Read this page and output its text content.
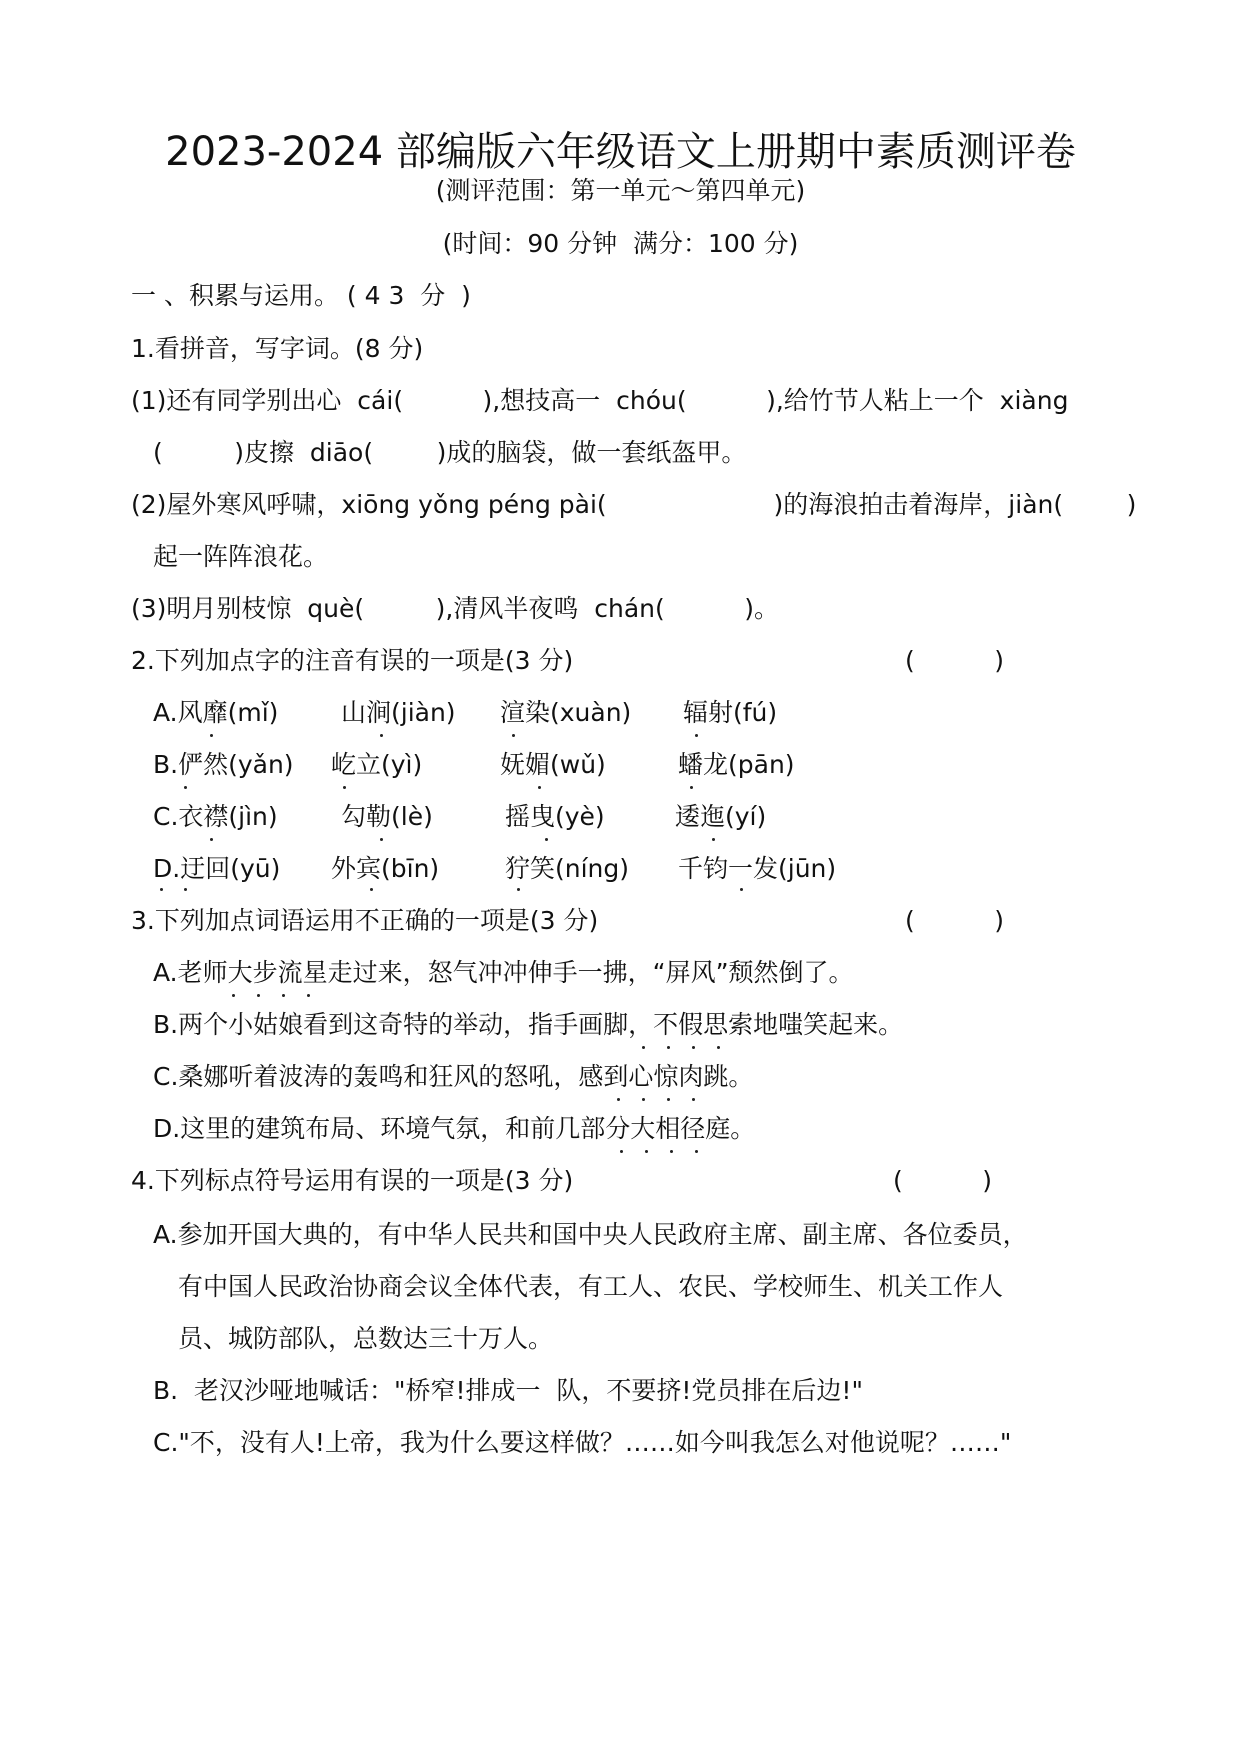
2023-2024 部编版六年级语文上册期中素质测评卷
(测评范围：第一单元～第四单元)
(时间：90 分钟  满分：100 分)
一 、积累与运用。 ( 4 3  分  )
1.看拼音，写字词。(8 分)
(1)还有同学别出心  cái(          ),想技高一  chóu(          ),给竹节人粘上一个  xiàng
(         )皮擦  diāo(        )成的脑袋，做一套纸盔甲。
(2)屋外寒风呼啸，xiōng yǒng péng pài(                     )的海浪拍击着海岸，jiàn(        )
起一阵阵浪花。
(3)明月别枝惊  què(         ),清风半夜鸣  chán(          )。
2.下列加点字的注音有误的一项是(3 分)	(          )
A.风靡(mǐ)	山涧(jiàn) 渲染(xuàn) 辐射(fú)
B.俨然(yǎn) 屹立(yì)	妩媚(wǔ)	蟠龙(pān)
C.衣襟(jìn)	勾勒(lè)	摇曳(yè)	逶迤(yí)
D.迂回(yū) 外宾(bīn)	狞笑(níng) 千钧一发(jūn)
3.下列加点词语运用不正确的一项是(3 分)	(          )
A.老师大步流星走过来，怒气冲冲伸手一拂，“屏风”颓然倒了。
B.两个小姑娘看到这奇特的举动，指手画脚，不假思索地嗤笑起来。
C.桑娜听着波涛的轰鸣和狂风的怒吼，感到心惊肉跳。
D.这里的建筑布局、环境气氛，和前几部分大相径庭。
4.下列标点符号运用有误的一项是(3 分)	(          )
A.参加开国大典的，有中华人民共和国中央人民政府主席、副主席、各位委员，
有中国人民政治协商会议全体代表，有工人、农民、学校师生、机关工作人
员、城防部队，总数达三十万人。
B.  老汉沙哑地喊话："桥窄!排成一  队，不要挤!党员排在后边!"
C."不，没有人!上帝，我为什么要这样做？……如今叫我怎么对他说呢？……"
